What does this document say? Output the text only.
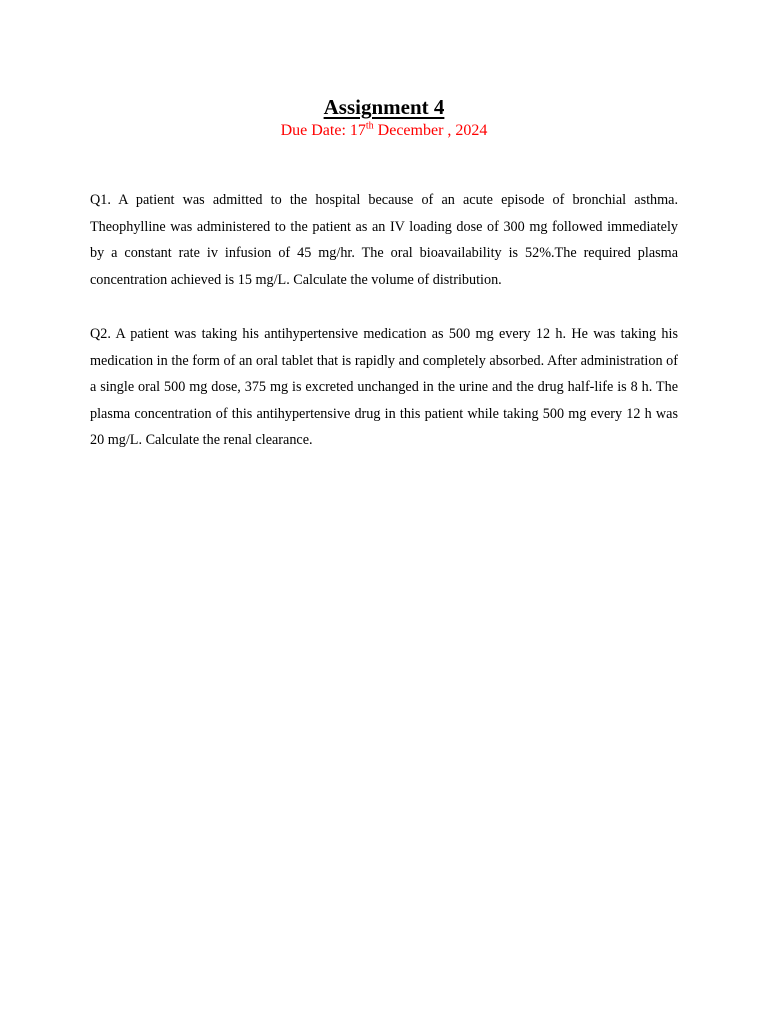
Assignment 4

Due Date: 17th December , 2024

Q1. A patient was admitted to the hospital because of an acute episode of bronchial asthma. Theophylline was administered to the patient as an IV loading dose of 300 mg followed immediately by a constant rate iv infusion of 45 mg/hr. The oral bioavailability is 52%.The required plasma concentration achieved is 15 mg/L. Calculate the volume of distribution.

Q2. A patient was taking his antihypertensive medication as 500 mg every 12 h. He was taking his medication in the form of an oral tablet that is rapidly and completely absorbed. After administration of a single oral 500 mg dose, 375 mg is excreted unchanged in the urine and the drug half-life is 8 h. The plasma concentration of this antihypertensive drug in this patient while taking 500 mg every 12 h was 20 mg/L. Calculate the renal clearance.
